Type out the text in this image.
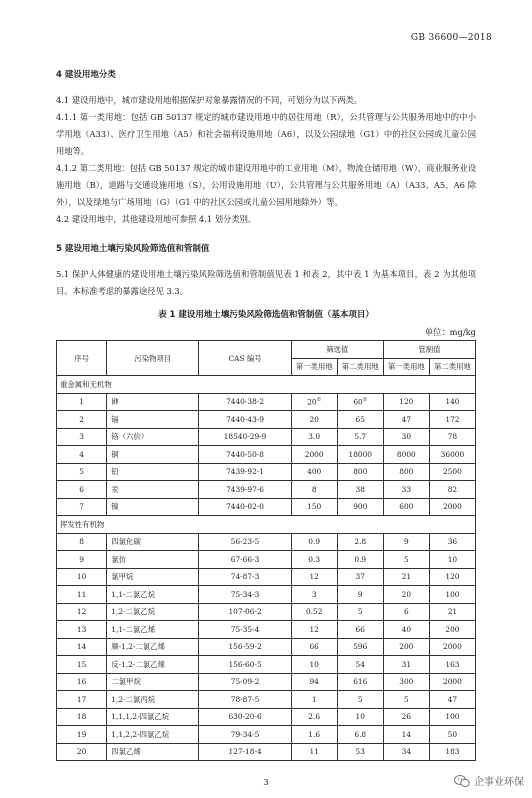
GB 36600—2018
4 建设用地分类

4.1 建设用地中，城市建设用地根据保护对象暴露情况的不同，可划分为以下两类。

4.1.1 第一类用地：包括 GB 50137 规定的城市建设用地中的居住用地（R），公共管理与公共服务用地中的中小学用地（A33）、医疗卫生用地（A5）和社会福利设施用地（A6），以及公园绿地（G1）中的社区公园或儿童公园用地等。

4.1.2 第二类用地：包括 GB 50137 规定的城市建设用地中的工业用地（M），物流仓储用地（W），商业服务业设施用地（B），道路与交通设施用地（S），公用设施用地（U），公共管理与公共服务用地（A）（A33、A5、A6 除外），以及绿地与广场用地（G）（G1 中的社区公园或儿童公园用地除外）等。

4.2 建设用地中，其他建设用地可参照 4.1 划分类别。

5 建设用地土壤污染风险筛选值和管制值

5.1 保护人体健康的建设用地土壤污染风险筛选值和管制值见表 1 和表 2，其中表 1 为基本项目，表 2 为其他项目。本标准考虑的暴露途径见 3.3。

表 1 建设用地土壤污染风险筛选值和管制值（基本项目）
单位：mg/kg
序号	污染物项目	CAS 编号	筛选值		管制值	
			第一类用地	第二类用地	第一类用地	第二类用地
重金属和无机物						
1	砷	7440-38-2	20①	60①	120	140
2	镉	7440-43-9	20	65	47	172
3	铬（六价）	18540-29-9	3.0	5.7	30	78
4	铜	7440-50-8	2000	18000	8000	36000
5	铅	7439-92-1	400	800	800	2500
6	汞	7439-97-6	8	38	33	82
7	镍	7440-02-0	150	900	600	2000
挥发性有机物						
8	四氯化碳	56-23-5	0.9	2.8	9	36
9	氯仿	67-66-3	0.3	0.9	5	10
10	氯甲烷	74-87-3	12	37	21	120
11	1,1-二氯乙烷	75-34-3	3	9	20	100
12	1,2-二氯乙烷	107-06-2	0.52	5	6	21
13	1,1-二氯乙烯	75-35-4	12	66	40	200
14	顺-1,2-二氯乙烯	156-59-2	66	596	200	2000
15	反-1,2-二氯乙烯	156-60-5	10	54	31	163
16	二氯甲烷	75-09-2	94	616	300	2000
17	1,2-二氯丙烷	78-87-5	1	5	5	47
18	1,1,1,2-四氯乙烷	630-20-6	2.6	10	26	100
19	1,1,2,2-四氯乙烷	79-34-5	1.6	6.8	14	50
20	四氯乙烯	127-18-4	11	53	34	183
3	企事业环保
